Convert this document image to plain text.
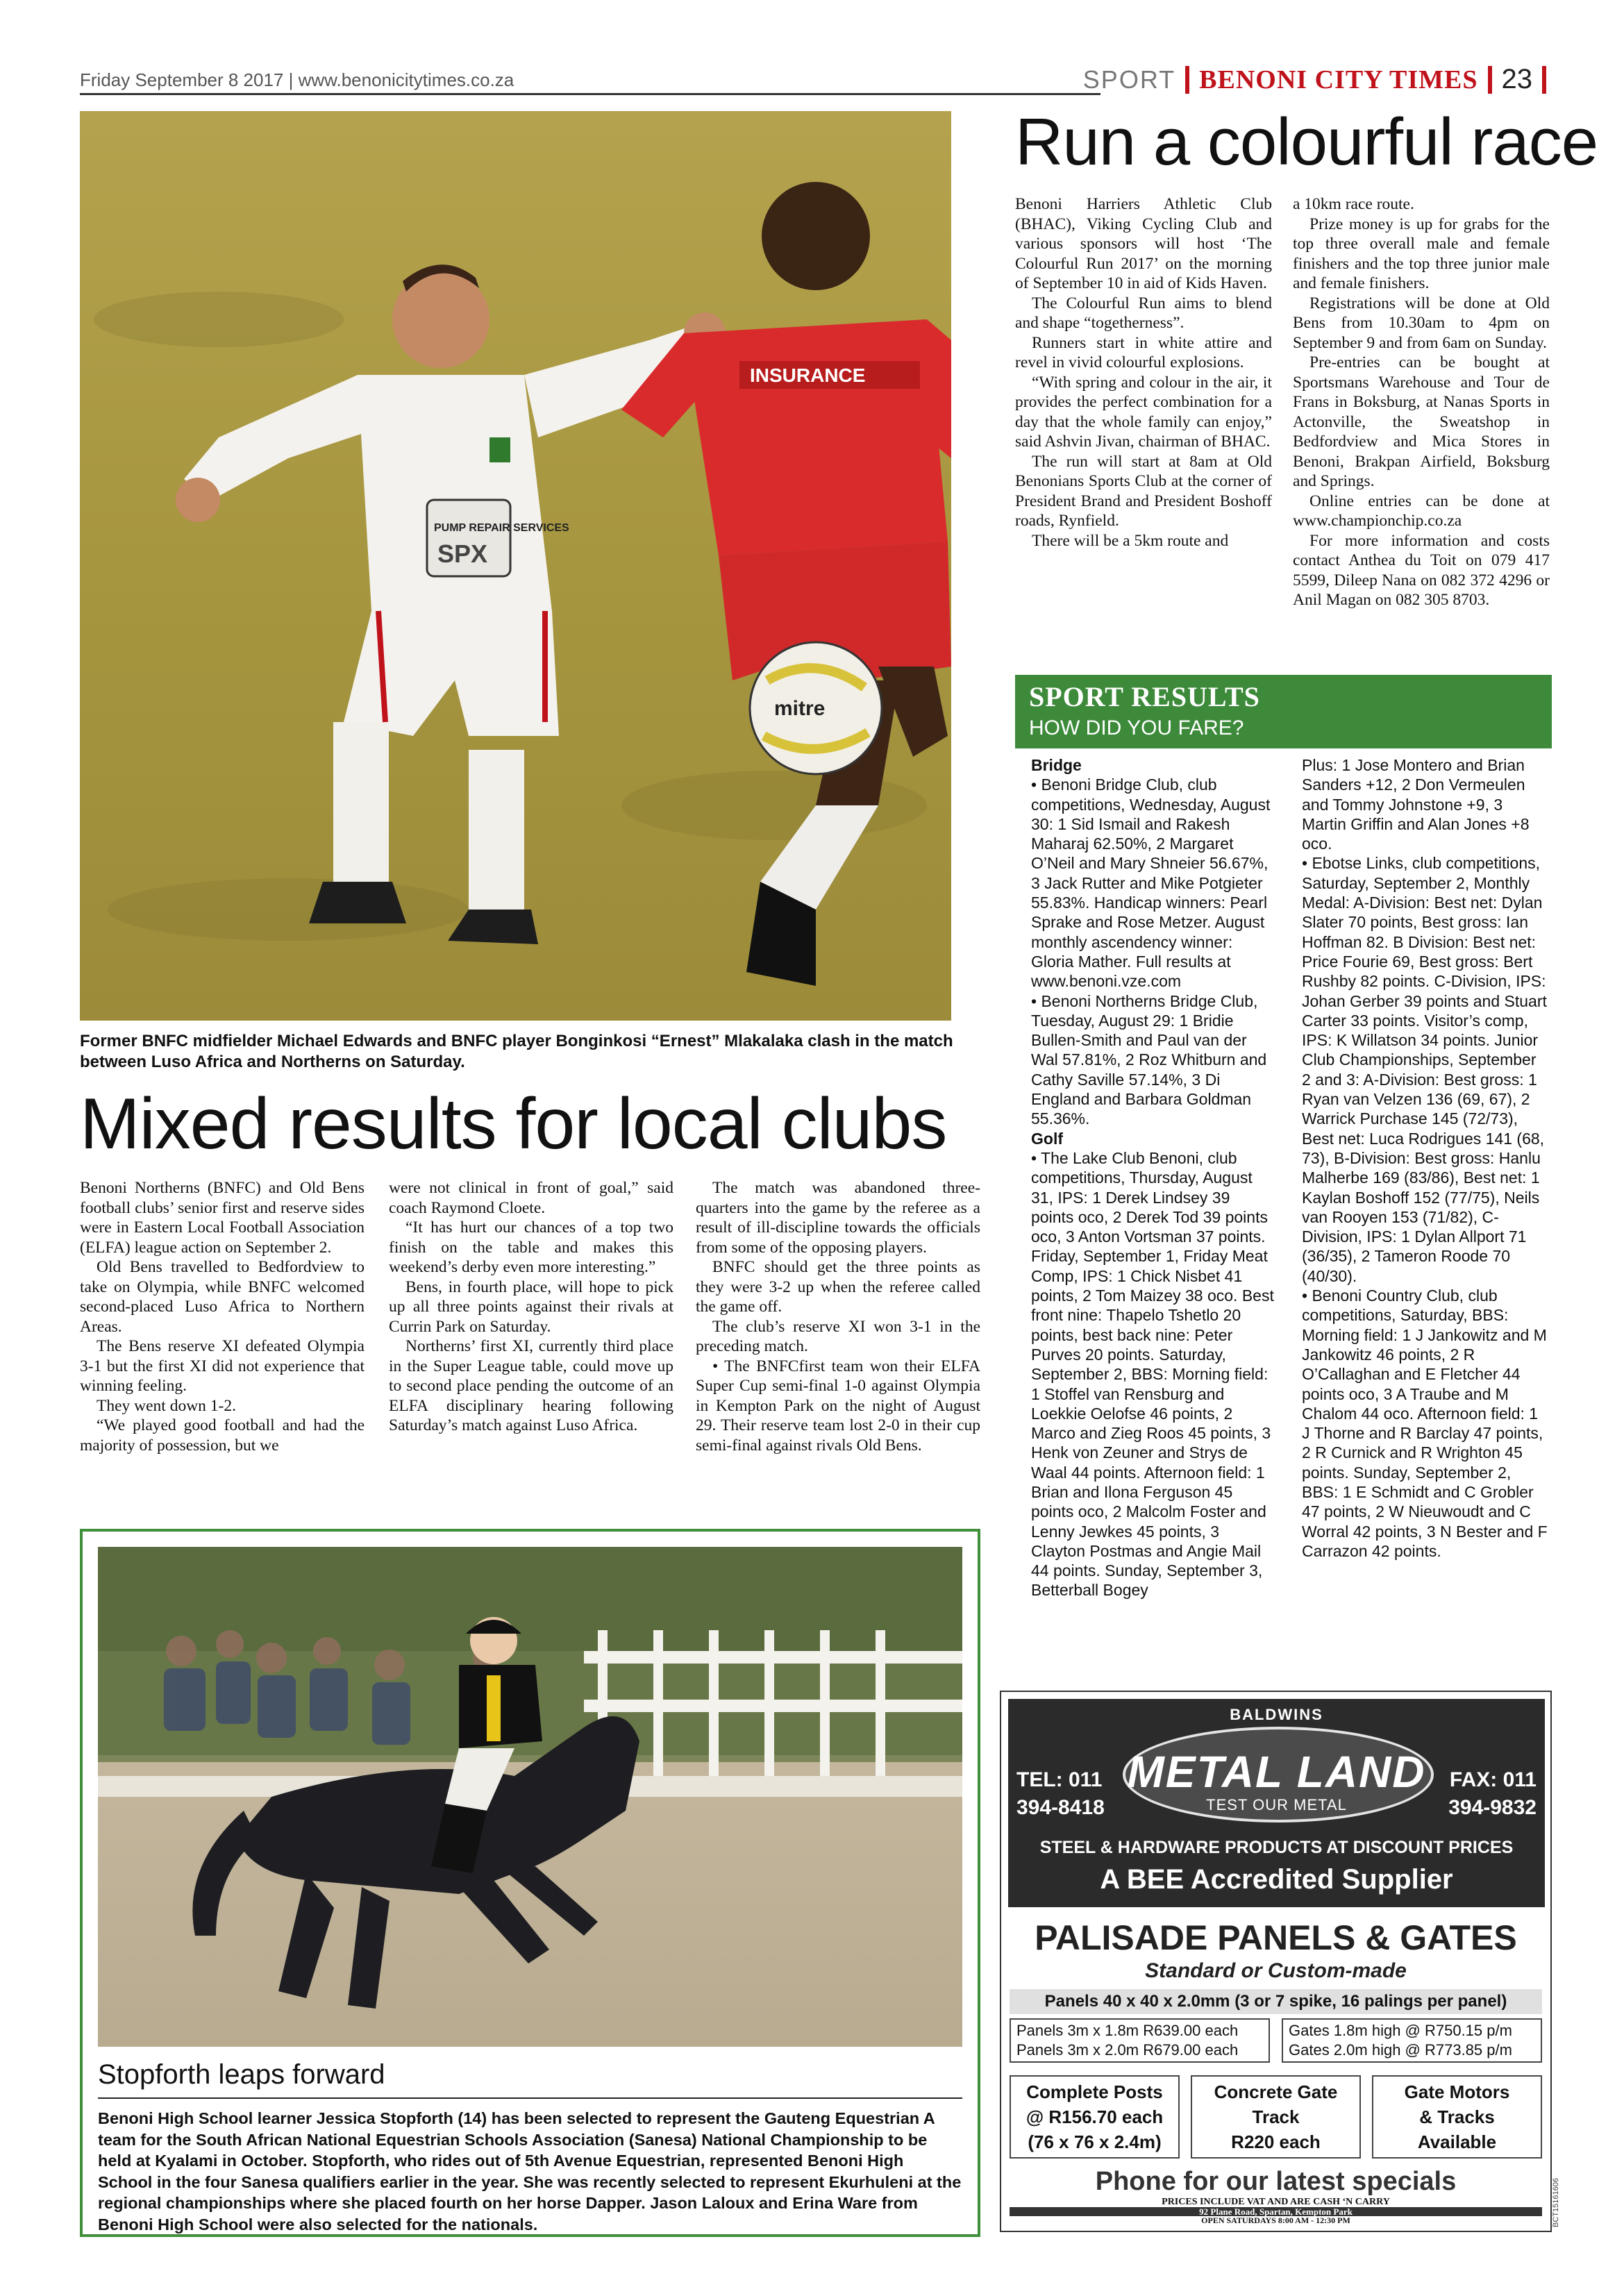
Friday September 8 2017 | www.benonicitytimes.co.za	SPORT BENONI CITY TIMES 23
PUMP REPAIR SERVICES
SPX
INSURANCE
mitre
Former BNFC midfielder Michael Edwards and BNFC player Bonginkosi “Ernest” Mlakalaka clash in the match between Luso Africa and Northerns on Saturday.
Mixed results for local clubs

Benoni Northerns (BNFC) and Old Bens football clubs’ senior first and reserve sides were in Eastern Local Football Association (ELFA) league action on September 2.

Old Bens travelled to Bedfordview to take on Olympia, while BNFC welcomed second-placed Luso Africa to Northern Areas.

The Bens reserve XI defeated Olympia 3-1 but the first XI did not experience that winning feeling.

They went down 1-2.

“We played good football and had the majority of possession, but we

were not clinical in front of goal,” said coach Raymond Cloete.

“It has hurt our chances of a top two finish on the table and makes this weekend’s derby even more interesting.”

Bens, in fourth place, will hope to pick up all three points against their rivals at Currin Park on Saturday.

Northerns’ first XI, currently third place in the Super League table, could move up to second place pending the outcome of an ELFA disciplinary hearing following Saturday’s match against Luso Africa.

The match was abandoned three-quarters into the game by the referee as a result of ill-discipline towards the officials from some of the opposing players.

BNFC should get the three points as they were 3-2 up when the referee called the game off.

The club’s reserve XI won 3-1 in the preceding match.

• The BNFCfirst team won their ELFA Super Cup semi-final 1-0 against Olympia in Kempton Park on the night of August 29. Their reserve team lost 2-0 in their cup semi-final against rivals Old Bens.

Run a colourful race

Benoni Harriers Athletic Club (BHAC), Viking Cycling Club and various sponsors will host ‘The Colourful Run 2017’ on the morning of September 10 in aid of Kids Haven.

The Colourful Run aims to blend and shape “togetherness”.

Runners start in white attire and revel in vivid colourful explosions.

“With spring and colour in the air, it provides the perfect combination for a day that the whole family can enjoy,” said Ashvin Jivan, chairman of BHAC.

The run will start at 8am at Old Benonians Sports Club at the corner of President Brand and President Boshoff roads, Rynfield.

There will be a 5km route and

a 10km race route.

Prize money is up for grabs for the top three overall male and female finishers and the top three junior male and female finishers.

Registrations will be done at Old Bens from 10.30am to 4pm on September 9 and from 6am on Sunday.

Pre-entries can be bought at Sportsmans Warehouse and Tour de Frans in Boksburg, at Nanas Sports in Actonville, the Sweatshop in Bedfordview and Mica Stores in Benoni, Brakpan Airfield, Boksburg and Springs.

Online entries can be done at www.championchip.co.za

For more information and costs contact Anthea du Toit on 079 417 5599, Dileep Nana on 082 372 4296 or Anil Magan on 082 305 8703.

SPORT RESULTS
HOW DID YOU FARE?

Bridge

• Benoni Bridge Club, club competitions, Wednesday, August 30: 1 Sid Ismail and Rakesh Maharaj 62.50%, 2 Margaret O’Neil and Mary Shneier 56.67%, 3 Jack Rutter and Mike Potgieter 55.83%. Handicap winners: Pearl Sprake and Rose Metzer. August monthly ascendency winner: Gloria Mather. Full results at www.benoni.vze.com

• Benoni Northerns Bridge Club, Tuesday, August 29: 1 Bridie Bullen-Smith and Paul van der Wal 57.81%, 2 Roz Whitburn and Cathy Saville 57.14%, 3 Di England and Barbara Goldman 55.36%.

Golf

• The Lake Club Benoni, club competitions, Thursday, August 31, IPS: 1 Derek Lindsey 39 points oco, 2 Derek Tod 39 points oco, 3 Anton Vortsman 37 points. Friday, September 1, Friday Meat Comp, IPS: 1 Chick Nisbet 41 points, 2 Tom Maizey 38 oco. Best front nine: Thapelo Tshetlo 20 points, best back nine: Peter Purves 20 points. Saturday, September 2, BBS: Morning field: 1 Stoffel van Rensburg and Loekkie Oelofse 46 points, 2 Marco and Zieg Roos 45 points, 3 Henk von Zeuner and Strys de Waal 44 points. Afternoon field: 1 Brian and Ilona Ferguson 45 points oco, 2 Malcolm Foster and Lenny Jewkes 45 points, 3 Clayton Postmas and Angie Mail 44 points. Sunday, September 3, Betterball Bogey

Plus: 1 Jose Montero and Brian Sanders +12, 2 Don Vermeulen and Tommy Johnstone +9, 3 Martin Griffin and Alan Jones +8 oco.

• Ebotse Links, club competitions, Saturday, September 2, Monthly Medal: A-Division: Best net: Dylan Slater 70 points, Best gross: Ian Hoffman 82. B Division: Best net: Price Fourie 69, Best gross: Bert Rushby 82 points. C-Division, IPS: Johan Gerber 39 points and Stuart Carter 33 points. Visitor’s comp, IPS: K Willatson 34 points. Junior Club Championships, September 2 and 3: A-Division: Best gross: 1 Ryan van Velzen 136 (69, 67), 2 Warrick Purchase 145 (72/73), Best net: Luca Rodrigues 141 (68, 73), B-Division: Best gross: Hanlu Malherbe 169 (83/86), Best net: 1 Kaylan Boshoff 152 (77/75), Neils van Rooyen 153 (71/82), C-Division, IPS: 1 Dylan Allport 71 (36/35), 2 Tameron Roode 70 (40/30).

• Benoni Country Club, club competitions, Saturday, BBS: Morning field: 1 J Jankowitz and M Jankowitz 46 points, 2 R O’Callaghan and E Fletcher 44 points oco, 3 A Traube and M Chalom 44 oco. Afternoon field: 1 J Thorne and R Barclay 47 points, 2 R Curnick and R Wrighton 45 points. Sunday, September 2, BBS: 1 E Schmidt and C Grobler 47 points, 2 W Nieuwoudt and C Worral 42 points, 3 N Bester and F Carrazon 42 points.

Stopforth leaps forward
Benoni High School learner Jessica Stopforth (14) has been selected to represent the Gauteng Equestrian A team for the South African National Equestrian Schools Association (Sanesa) National Championship to be held at Kyalami in October. Stopforth, who rides out of 5th Avenue Equestrian, represented Benoni High School in the four Sanesa qualifiers earlier in the year. She was recently selected to represent Ekurhuleni at the regional championships where she placed fourth on her horse Dapper. Jason Laloux and Erina Ware from Benoni High School were also selected for the nationals.
BALDWINS
METAL LAND
TEST OUR METAL
TEL: 011
394-8418
FAX: 011
394-9832
STEEL & HARDWARE PRODUCTS AT DISCOUNT PRICES
A BEE Accredited Supplier
PALISADE PANELS & GATES
Standard or Custom-made
Panels 40 x 40 x 2.0mm (3 or 7 spike, 16 palings per panel)
Panels 3m x 1.8m R639.00 each
Panels 3m x 2.0m R679.00 each
Gates 1.8m high @ R750.15 p/m
Gates 2.0m high @ R773.85 p/m
Complete Posts
@ R156.70 each
(76 x 76 x 2.4m)
Concrete Gate
Track
R220 each
Gate Motors
& Tracks
Available
Phone for our latest specials
PRICES INCLUDE VAT AND ARE CASH ‘N CARRY
92 Plane Road, Spartan, Kempton Park
OPEN SATURDAYS 8:00 AM - 12:30 PM	BCT15161606
